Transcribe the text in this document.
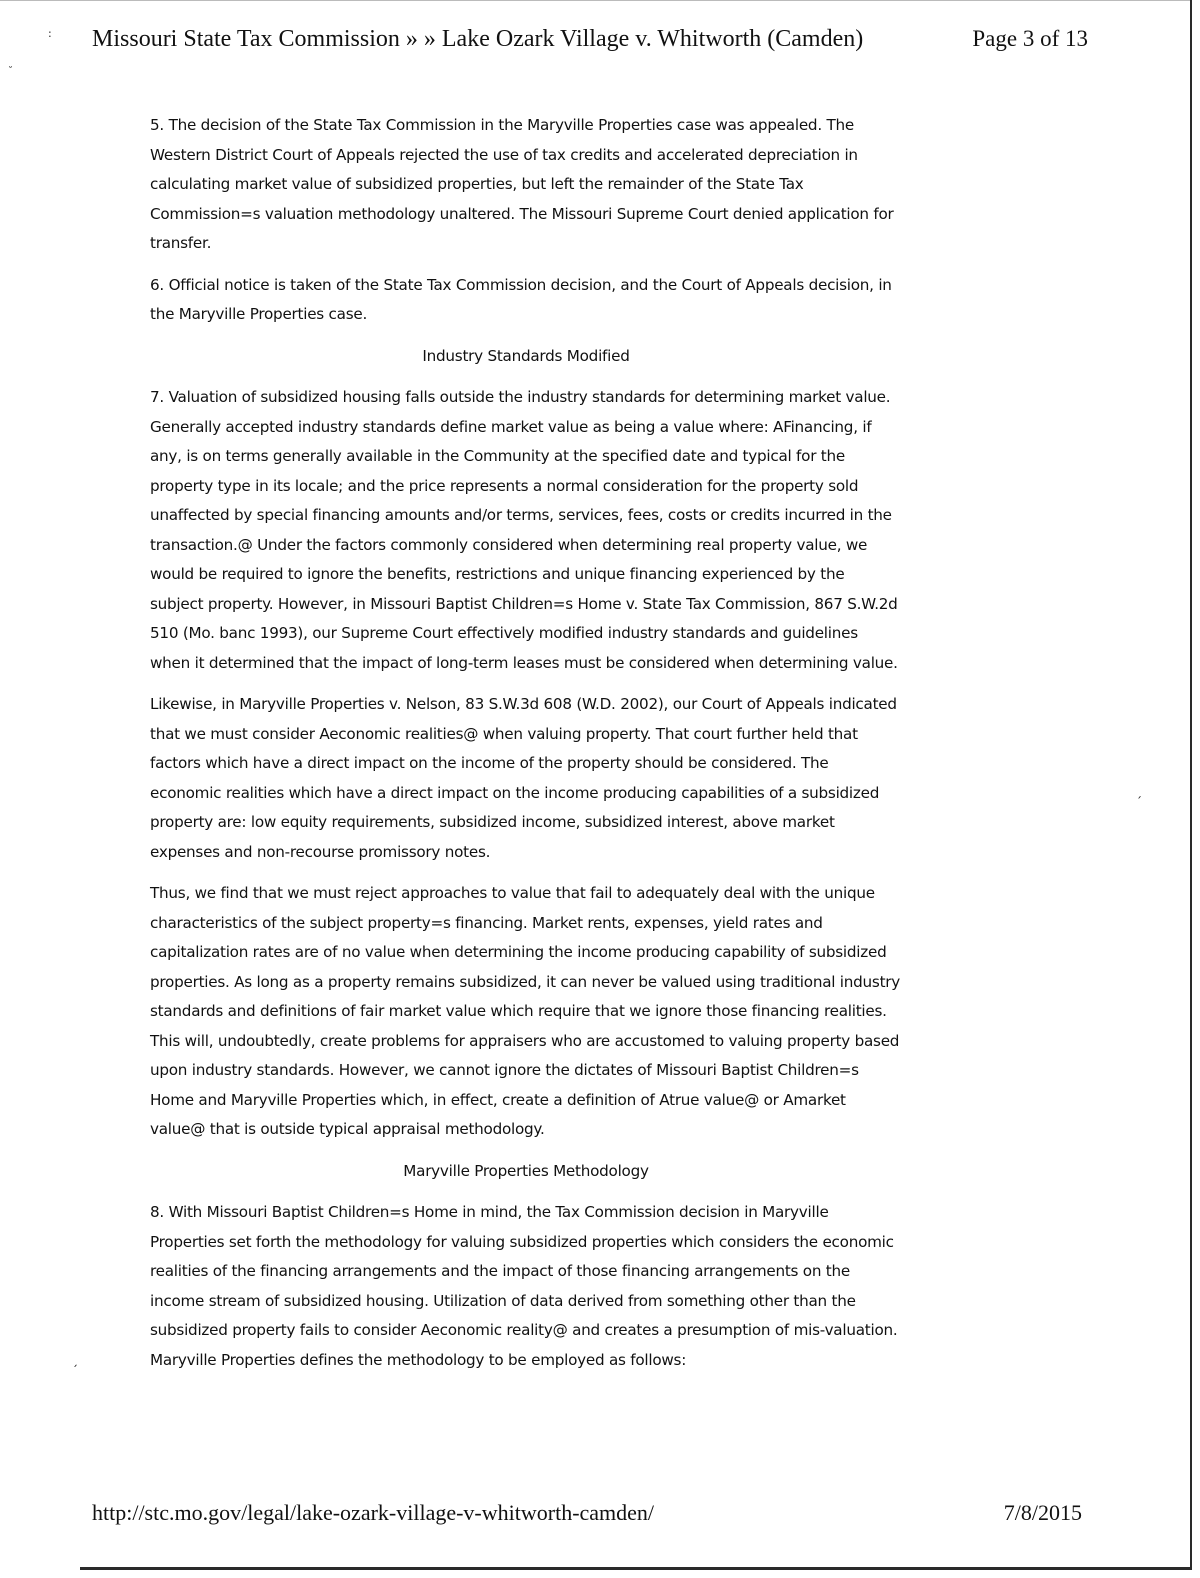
:
˘
ˊ
ˏ
Missouri State Tax Commission » » Lake Ozark Village v. Whitworth (Camden)	Page 3 of 13

5. The decision of the State Tax Commission in the Maryville Properties case was appealed. The Western District Court of Appeals rejected the use of tax credits and accelerated depreciation in calculating market value of subsidized properties, but left the remainder of the State Tax Commission=s valuation methodology unaltered. The Missouri Supreme Court denied application for transfer.

6. Official notice is taken of the State Tax Commission decision, and the Court of Appeals decision, in the Maryville Properties case.

Industry Standards Modified

7. Valuation of subsidized housing falls outside the industry standards for determining market value. Generally accepted industry standards define market value as being a value where: AFinancing, if any, is on terms generally available in the Community at the specified date and typical for the property type in its locale; and the price represents a normal consideration for the property sold unaffected by special financing amounts and/or terms, services, fees, costs or credits incurred in the transaction.@ Under the factors commonly considered when determining real property value, we would be required to ignore the benefits, restrictions and unique financing experienced by the subject property. However, in Missouri Baptist Children=s Home v. State Tax Commission, 867 S.W.2d 510 (Mo. banc 1993), our Supreme Court effectively modified industry standards and guidelines when it determined that the impact of long-term leases must be considered when determining value.

Likewise, in Maryville Properties v. Nelson, 83 S.W.3d 608 (W.D. 2002), our Court of Appeals indicated that we must consider Aeconomic realities@ when valuing property. That court further held that factors which have a direct impact on the income of the property should be considered. The economic realities which have a direct impact on the income producing capabilities of a subsidized property are: low equity requirements, subsidized income, subsidized interest, above market expenses and non-recourse promissory notes.

Thus, we find that we must reject approaches to value that fail to adequately deal with the unique characteristics of the subject property=s financing. Market rents, expenses, yield rates and capitalization rates are of no value when determining the income producing capability of subsidized properties. As long as a property remains subsidized, it can never be valued using traditional industry standards and definitions of fair market value which require that we ignore those financing realities. This will, undoubtedly, create problems for appraisers who are accustomed to valuing property based upon industry standards. However, we cannot ignore the dictates of Missouri Baptist Children=s Home and Maryville Properties which, in effect, create a definition of Atrue value@ or Amarket value@ that is outside typical appraisal methodology.

Maryville Properties Methodology

8. With Missouri Baptist Children=s Home in mind, the Tax Commission decision in Maryville Properties set forth the methodology for valuing subsidized properties which considers the economic realities of the financing arrangements and the impact of those financing arrangements on the income stream of subsidized housing. Utilization of data derived from something other than the subsidized property fails to consider Aeconomic reality@ and creates a presumption of mis-valuation. Maryville Properties defines the methodology to be employed as follows:

http://stc.mo.gov/legal/lake-ozark-village-v-whitworth-camden/	7/8/2015
